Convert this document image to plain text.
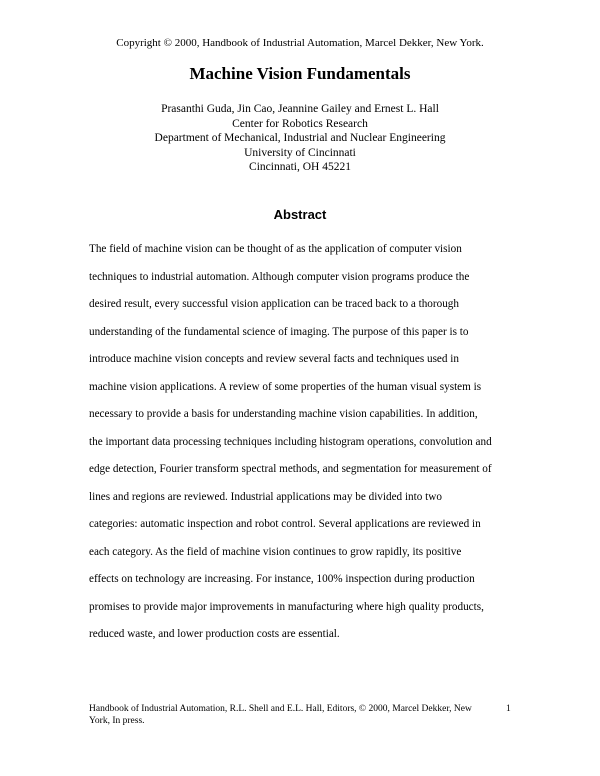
Copyright © 2000, Handbook of Industrial Automation, Marcel Dekker, New York.
Machine Vision Fundamentals
Prasanthi Guda, Jin Cao, Jeannine Gailey and Ernest L. Hall
Center for Robotics Research
Department of Mechanical, Industrial and Nuclear Engineering
University of Cincinnati
Cincinnati, OH 45221
Abstract
The field of machine vision can be thought of as the application of computer vision
techniques to industrial automation. Although computer vision programs produce the
desired result, every successful vision application can be traced back to a thorough
understanding of the fundamental science of imaging. The purpose of this paper is to
introduce machine vision concepts and review several facts and techniques used in
machine vision applications. A review of some properties of the human visual system is
necessary to provide a basis for understanding machine vision capabilities. In addition,
the important data processing techniques including histogram operations, convolution and
edge detection, Fourier transform spectral methods, and segmentation for measurement of
lines and regions are reviewed. Industrial applications may be divided into two
categories: automatic inspection and robot control. Several applications are reviewed in
each category. As the field of machine vision continues to grow rapidly, its positive
effects on technology are increasing. For instance, 100% inspection during production
promises to provide major improvements in manufacturing where high quality products,
reduced waste, and lower production costs are essential.
Handbook of Industrial Automation, R.L. Shell and E.L. Hall, Editors, © 2000, Marcel Dekker, New
York, In press.
1
